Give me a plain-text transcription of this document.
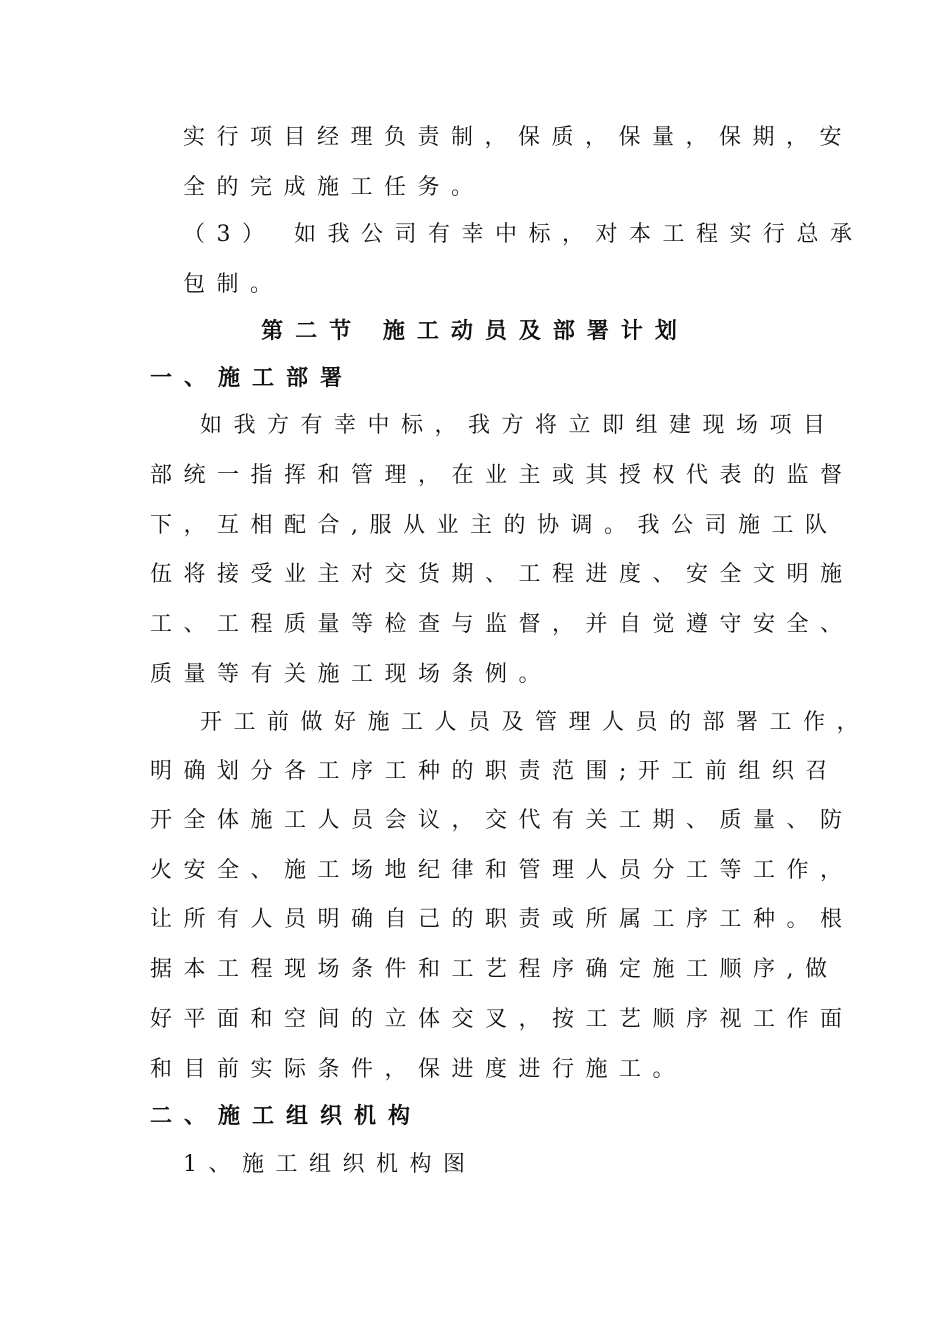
实行项目经理负责制，保质，保量，保期，安
全的完成施工任务。
（3） 如我公司有幸中标，对本工程实行总承
包制。
第二节 施工动员及部署计划
一、施工部署
如我方有幸中标，我方将立即组建现场项目
部统一指挥和管理，在业主或其授权代表的监督
下，互相配合,服从业主的协调。我公司施工队
伍将接受业主对交货期、工程进度、安全文明施
工、工程质量等检查与监督，并自觉遵守安全、
质量等有关施工现场条例。
开工前做好施工人员及管理人员的部署工作，
明确划分各工序工种的职责范围;开工前组织召
开全体施工人员会议，交代有关工期、质量、防
火安全、施工场地纪律和管理人员分工等工作，
让所有人员明确自己的职责或所属工序工种。根
据本工程现场条件和工艺程序确定施工顺序,做
好平面和空间的立体交叉，按工艺顺序视工作面
和目前实际条件，保进度进行施工。
二、施工组织机构
1、施工组织机构图
